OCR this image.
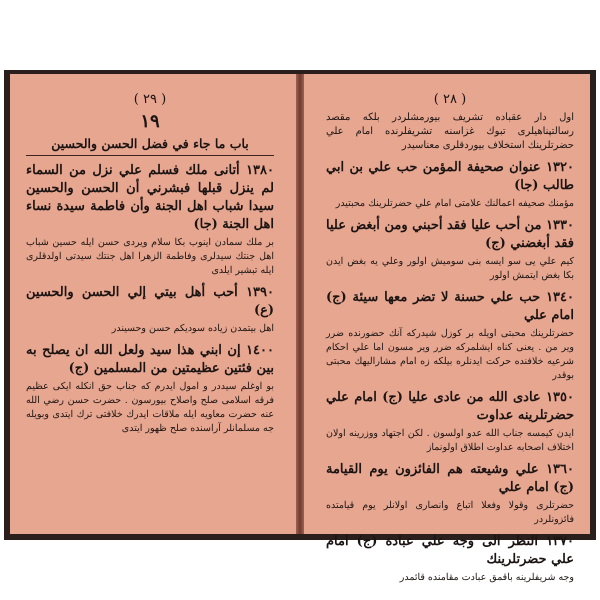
( ٢٩ )
١٩
باب ما جاء في فضل الحسن والحسين
١٣٨٠ أتانى ملك فسلم علي نزل من السماء لم ينزل قبلها فبشرني أن الحسن والحسين سيدا شباب اهل الجنة وأن فاطمة سيدة نساء اهل الجنة (جا)
بر ملك سمادن اينوب بكا سلام ويردى حسن ايله حسين شباب اهل جنتك سيدلرى وفاطمة الزهرا اهل جنتك سيدتى اولدقلرى ايله تبشير ايلدى
١٣٩٠ أحب أهل بيتي إلي الحسن والحسين (ع)
اهل بيتمدن زياده سوديكم حسن وحسيندر
١٤٠٠ إن ابني هذا سيد ولعل الله ان يصلح به بين فئتين عظيمتين من المسلمين (ج)
بو اوغلم سيددر و امول ايدرم كه جناب حق انكله ايكى عظيم فرقه اسلامى صلح واصلاح بيورسون . حضرت حسن رضي الله عنه حضرت معاويه ايله ملاقات ايدرك خلافتى ترك ايتدى وبويله جه مسلمانلر آراسنده صلح ظهور ايتدى
( ٢٨ )
اول دار عقباده تشريف بيورمشلردر بلكه مقصد رسالتپناهيلرى تبوك غزاسنه تشريفلرنده امام علي حضرتلرينك استخلاف بيوردقلرى معناسيدر
١٣٢٠ عنوان صحيفة المؤمن حب علي بن ابي طالب (جا)
مؤمنك صحيفه اعمالنك علامتى امام علي حضرتلرينك محبتيدر
١٣٣٠ من أحب عليا فقد أحبني ومن أبغض عليا فقد أبغضني (ج)
كيم علي يى سو ايسه بنى سوميش اولور وعلي يه بغض ايدن بكا بغض ايتمش اولور
١٣٤٠ حب علي حسنة لا تضر معها سيئة (ج) امام علي
حضرتلرينك محبتى اويله بر كوزل شيدركه آنك حضورنده ضرر وير من . يعنى كناه ايشلمركه ضرر وير مسون اما علي احكام شرعيه خلافنده حركت ايدنلره بيلكه زه امام مشاراليهك محبتى بوقدر
١٣٥٠ عادى الله من عادى عليا (ج) امام علي حضرتلرينه عداوت
ايدن كيمسه جناب الله عدو اولسون . لكن اجتهاد ووزرينه اولان اختلاف اصحابه عداوت اطلاق اولونماز
١٣٦٠ علي وشيعته هم الفائزون يوم القيامة (ج) امام علي
حضرتلرى وقولا وفعلا اتباع وانصارى اولانلر يوم قيامتده فائزونلردر
١٣٧٠ النظر الى وجه علي عبادة (ج) امام علي حضرتلرينك
وجه شريفلرينه باقمق عبادت مقامنده قائمدر
